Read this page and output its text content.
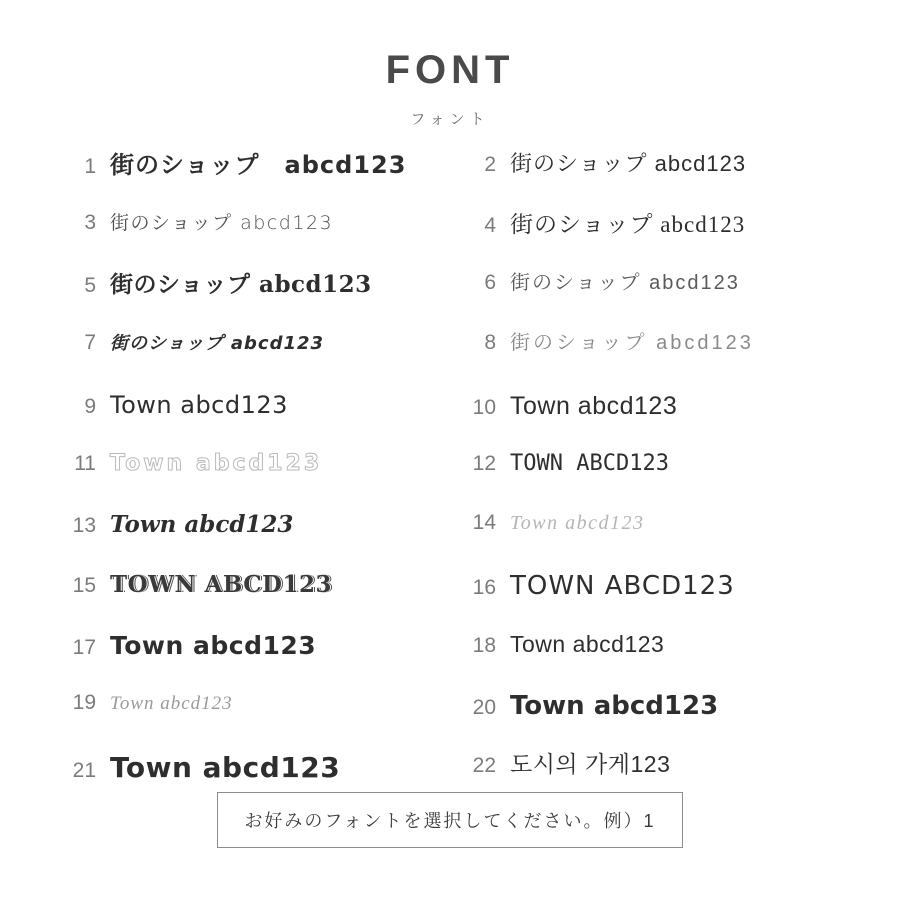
FONT
フォント
1 街のショップ　abcd123	2 街のショップ abcd123
3 街のショップ abcd123	4 街のショップ abcd123
5 街のショップ abcd123	6 街のショップ abcd123
7 街のショップ abcd123	8 街のショップ abcd123
9 Town abcd123	10 Town abcd123
11 Town abcd123	12 TOWN ABCD123
13 Town abcd123	14 Town abcd123
15 TOWN ABCD123	16 TOWN ABCD123
17 Town abcd123	18 Town abcd123
19 Town abcd123	20 Town abcd123
21 Town abcd123	22 도시의 가게123
お好みのフォントを選択してください。例）1
